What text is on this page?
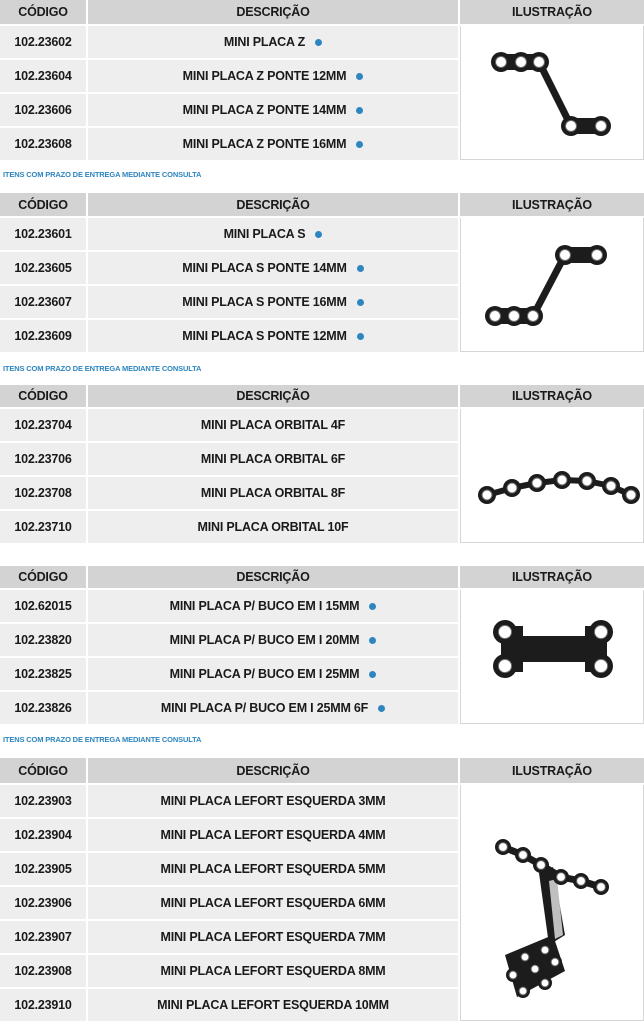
CÓDIGO	DESCRIÇÃO	ILUSTRAÇÃO
102.23602	MINI PLACA Z
102.23604	MINI PLACA Z PONTE 12MM
102.23606	MINI PLACA Z PONTE 14MM
102.23608	MINI PLACA Z PONTE 16MM
ITENS COM PRAZO DE ENTREGA MEDIANTE CONSULTA
CÓDIGO	DESCRIÇÃO	ILUSTRAÇÃO
102.23601	MINI PLACA S
102.23605	MINI PLACA S PONTE 14MM
102.23607	MINI PLACA S PONTE 16MM
102.23609	MINI PLACA S PONTE 12MM
ITENS COM PRAZO DE ENTREGA MEDIANTE CONSULTA
CÓDIGO	DESCRIÇÃO	ILUSTRAÇÃO
102.23704	MINI PLACA ORBITAL 4F
102.23706	MINI PLACA ORBITAL 6F
102.23708	MINI PLACA ORBITAL 8F
102.23710	MINI PLACA ORBITAL 10F
CÓDIGO	DESCRIÇÃO	ILUSTRAÇÃO
102.62015	MINI PLACA P/ BUCO EM I 15MM
102.23820	MINI PLACA P/ BUCO EM I 20MM
102.23825	MINI PLACA P/ BUCO EM I 25MM
102.23826	MINI PLACA P/ BUCO EM I 25MM 6F
ITENS COM PRAZO DE ENTREGA MEDIANTE CONSULTA
CÓDIGO	DESCRIÇÃO	ILUSTRAÇÃO
102.23903	MINI PLACA LEFORT ESQUERDA 3MM
102.23904	MINI PLACA LEFORT ESQUERDA 4MM
102.23905	MINI PLACA LEFORT ESQUERDA 5MM
102.23906	MINI PLACA LEFORT ESQUERDA 6MM
102.23907	MINI PLACA LEFORT ESQUERDA 7MM
102.23908	MINI PLACA LEFORT ESQUERDA 8MM
102.23910	MINI PLACA LEFORT ESQUERDA 10MM
